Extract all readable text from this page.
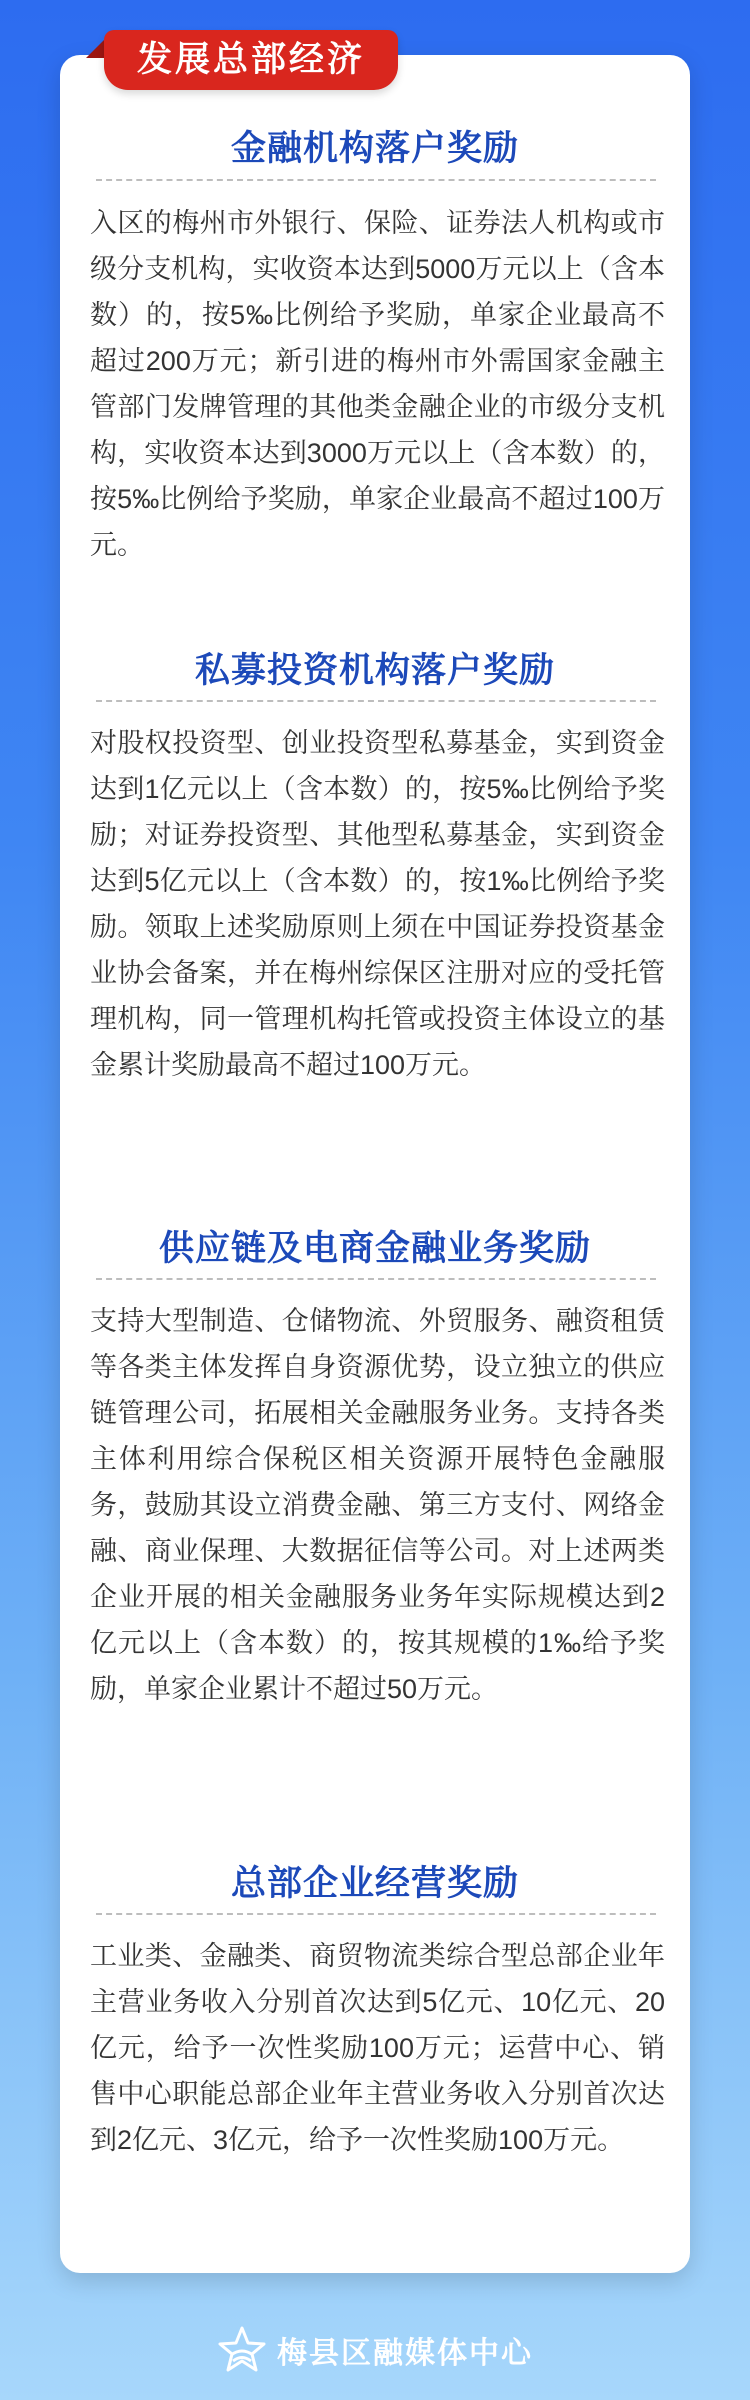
发展总部经济
金融机构落户奖励

入区的梅州市外银行、保险、证券法人机构或市级分支机构，实收资本达到5000万元以上（含本数）的，按5‰比例给予奖励，单家企业最高不超过200万元；新引进的梅州市外需国家金融主管部门发牌管理的其他类金融企业的市级分支机构，实收资本达到3000万元以上（含本数）的，按5‰比例给予奖励，单家企业最高不超过100万元。

私募投资机构落户奖励

对股权投资型、创业投资型私募基金，实到资金达到1亿元以上（含本数）的，按5‰比例给予奖励；对证券投资型、其他型私募基金，实到资金达到5亿元以上（含本数）的，按1‰比例给予奖励。领取上述奖励原则上须在中国证券投资基金业协会备案，并在梅州综保区注册对应的受托管理机构，同一管理机构托管或投资主体设立的基金累计奖励最高不超过100万元。

供应链及电商金融业务奖励

支持大型制造、仓储物流、外贸服务、融资租赁等各类主体发挥自身资源优势，设立独立的供应链管理公司，拓展相关金融服务业务。支持各类主体利用综合保税区相关资源开展特色金融服务，鼓励其设立消费金融、第三方支付、网络金融、商业保理、大数据征信等公司。对上述两类企业开展的相关金融服务业务年实际规模达到2亿元以上（含本数）的，按其规模的1‰给予奖励，单家企业累计不超过50万元。

总部企业经营奖励

工业类、金融类、商贸物流类综合型总部企业年主营业务收入分别首次达到5亿元、10亿元、20亿元，给予一次性奖励100万元；运营中心、销售中心职能总部企业年主营业务收入分别首次达到2亿元、3亿元，给予一次性奖励100万元。

梅县区融媒体中心
